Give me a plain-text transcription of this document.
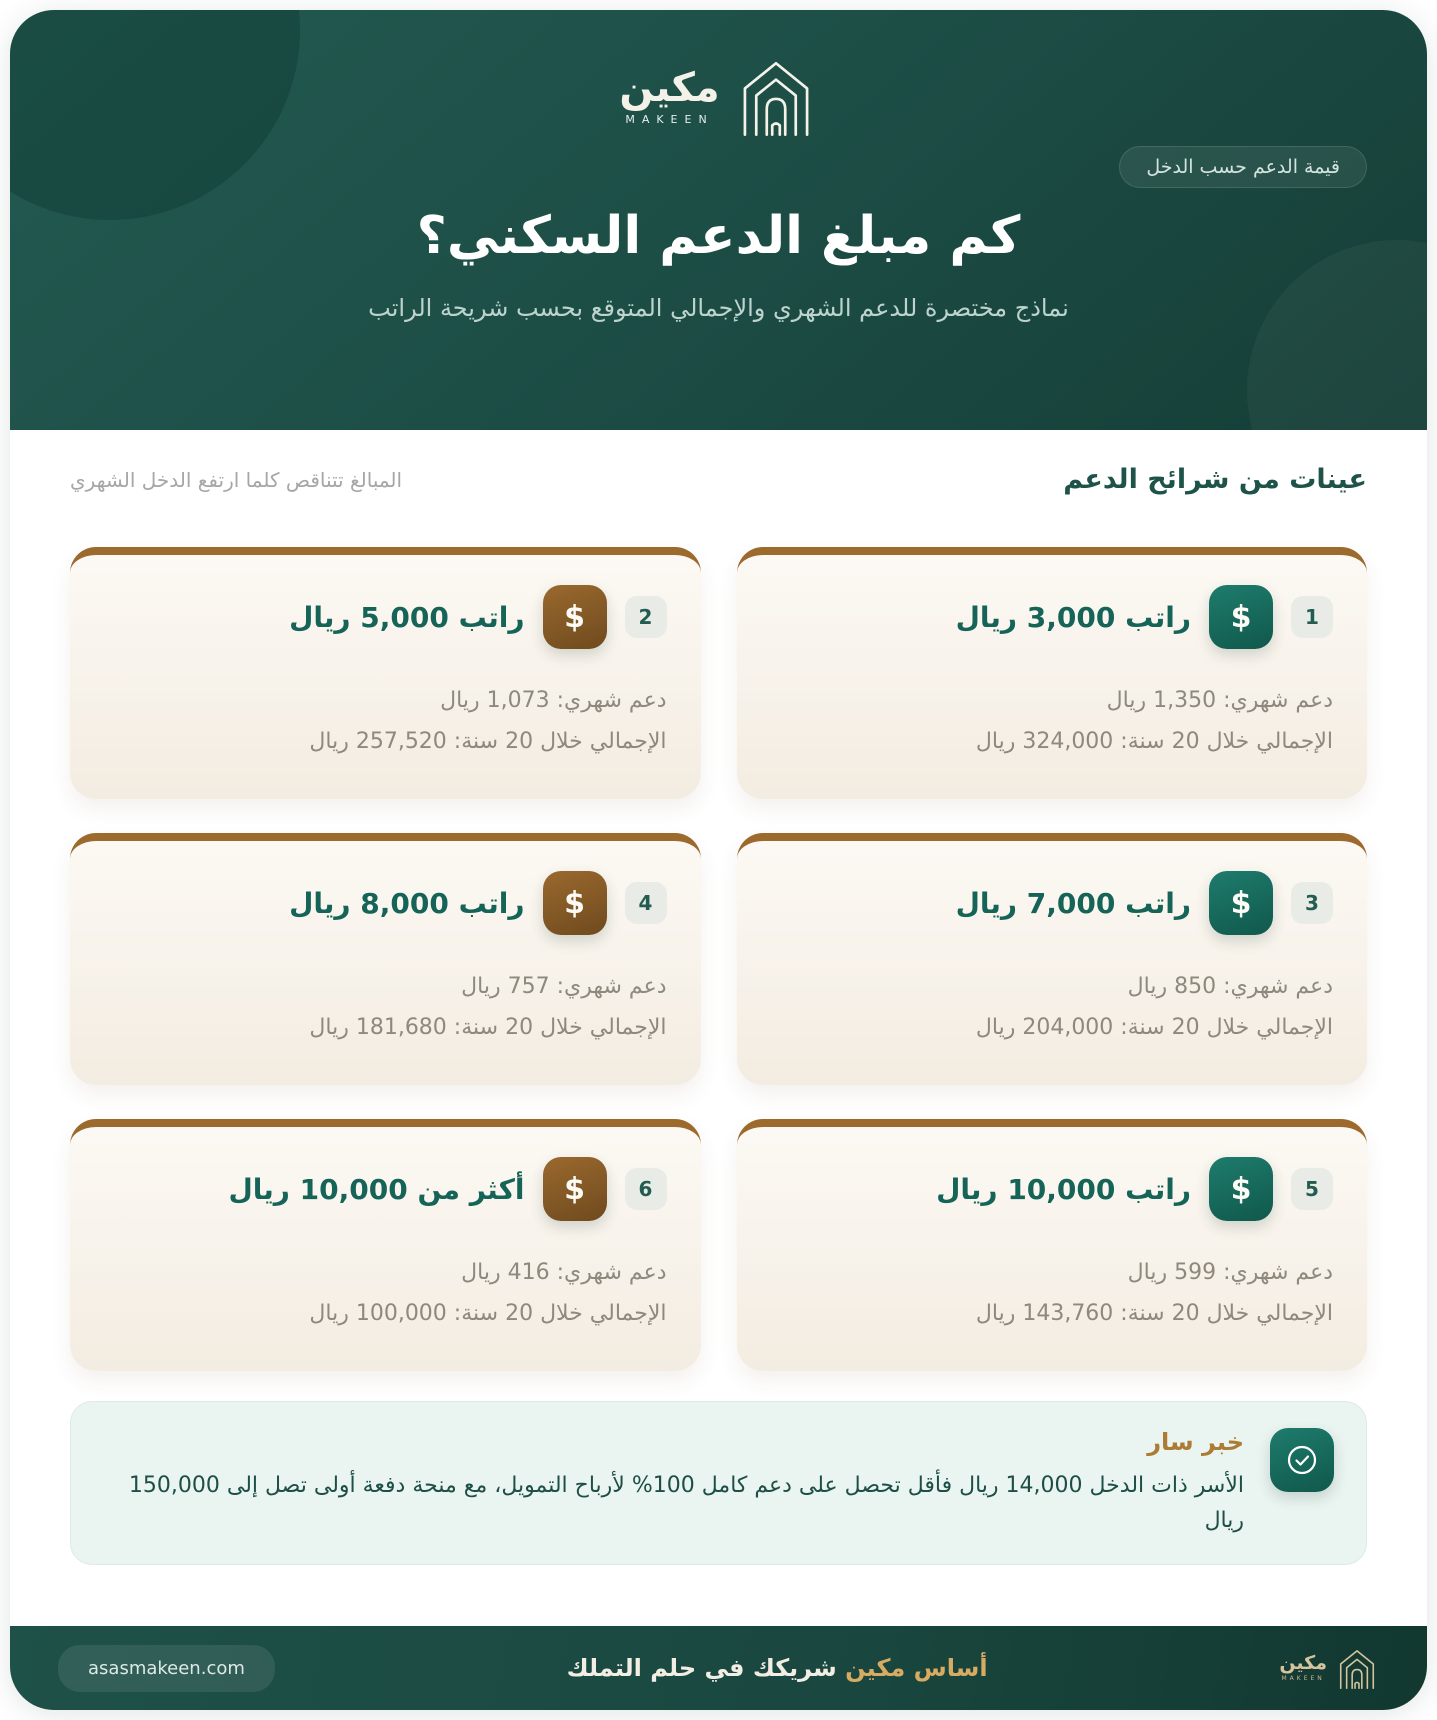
مكين
MAKEEN
قيمة الدعم حسب الدخل
كم مبلغ الدعم السكني؟
نماذج مختصرة للدعم الشهري والإجمالي المتوقع بحسب شريحة الراتب
عينات من شرائح الدعم
المبالغ تتناقص كلما ارتفع الدخل الشهري
1
$
راتب 3,000 ريال
دعم شهري: 1,350 ريال
الإجمالي خلال 20 سنة: 324,000 ريال
2
$
راتب 5,000 ريال
دعم شهري: 1,073 ريال
الإجمالي خلال 20 سنة: 257,520 ريال
3
$
راتب 7,000 ريال
دعم شهري: 850 ريال
الإجمالي خلال 20 سنة: 204,000 ريال
4
$
راتب 8,000 ريال
دعم شهري: 757 ريال
الإجمالي خلال 20 سنة: 181,680 ريال
5
$
راتب 10,000 ريال
دعم شهري: 599 ريال
الإجمالي خلال 20 سنة: 143,760 ريال
6
$
أكثر من 10,000 ريال
دعم شهري: 416 ريال
الإجمالي خلال 20 سنة: 100,000 ريال
خبر سار
الأسر ذات الدخل 14,000 ريال فأقل تحصل على دعم كامل 100% لأرباح التمويل، مع منحة دفعة أولى تصل إلى 150,000 ريال
asasmakeen.com	أساس مكين شريكك في حلم التملك	مكين
MAKEEN
